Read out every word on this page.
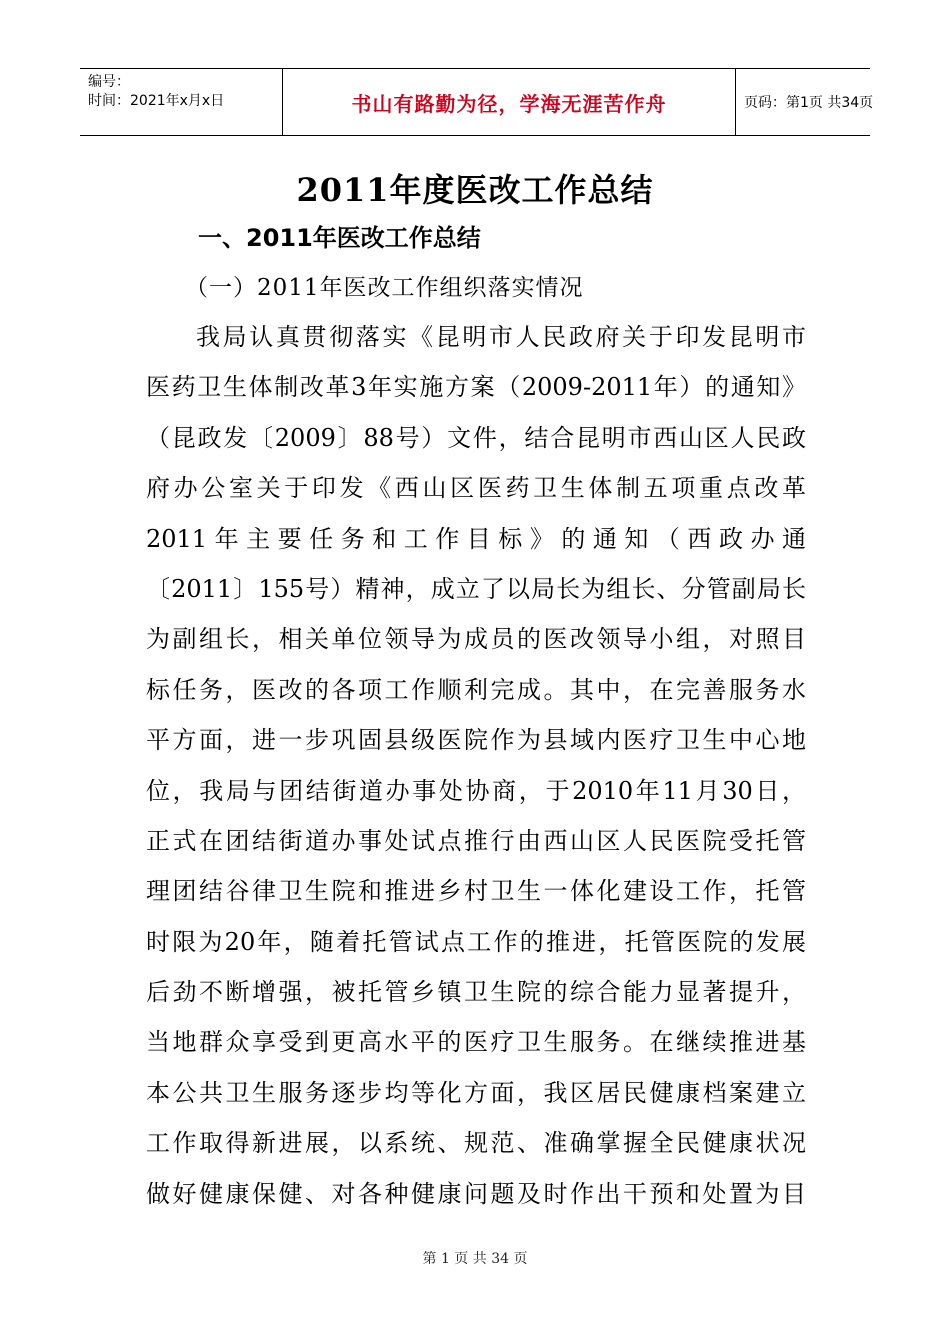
编号：
时间：2021年x月x日	书山有路勤为径，学海无涯苦作舟	页码：第1页 共34页
2011年度医改工作总结
一、2011年医改工作总结
（一）2011年医改工作组织落实情况
我局认真贯彻落实《昆明市人民政府关于印发昆明市
医药卫生体制改革3年实施方案（2009-2011年）的通知》
（昆政发〔2009〕88号）文件，结合昆明市西山区人民政
府办公室关于印发《西山区医药卫生体制五项重点改革
2011年主要任务和工作目标》的通知（西政办通
〔2011〕155号）精神，成立了以局长为组长、分管副局长
为副组长，相关单位领导为成员的医改领导小组，对照目
标任务，医改的各项工作顺利完成。其中，在完善服务水
平方面，进一步巩固县级医院作为县域内医疗卫生中心地
位，我局与团结街道办事处协商，于2010年11月30日，
正式在团结街道办事处试点推行由西山区人民医院受托管
理团结谷律卫生院和推进乡村卫生一体化建设工作，托管
时限为20年，随着托管试点工作的推进，托管医院的发展
后劲不断增强，被托管乡镇卫生院的综合能力显著提升，
当地群众享受到更高水平的医疗卫生服务。在继续推进基
本公共卫生服务逐步均等化方面，我区居民健康档案建立
工作取得新进展，以系统、规范、准确掌握全民健康状况
做好健康保健、对各种健康问题及时作出干预和处置为目
第 1 页 共 34 页
